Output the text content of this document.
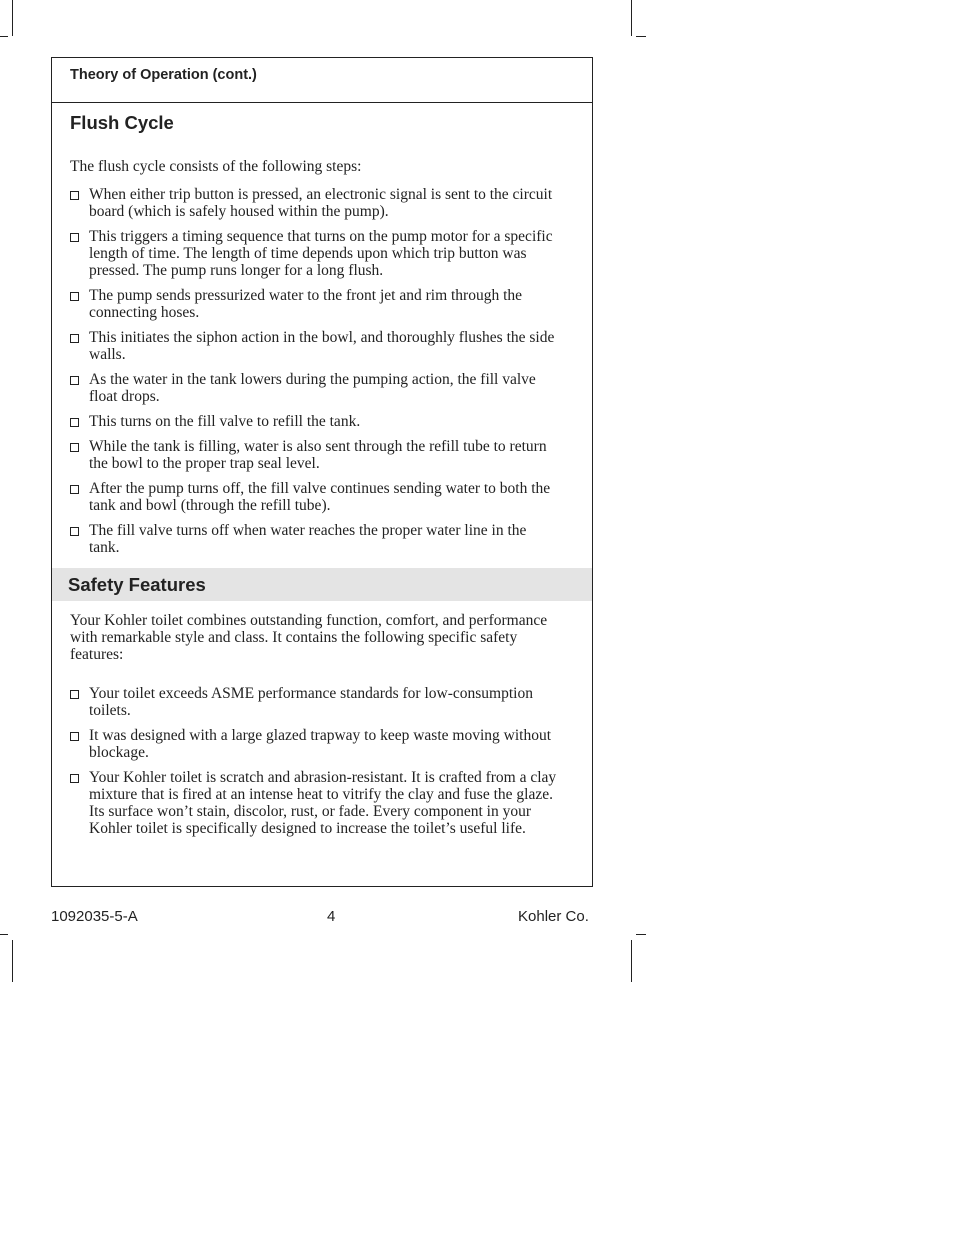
Theory of Operation (cont.)
Flush Cycle

The flush cycle consists of the following steps:

When either trip button is pressed, an electronic signal is sent to the circuit board (which is safely housed within the pump).
This triggers a timing sequence that turns on the pump motor for a specific length of time. The length of time depends upon which trip button was pressed. The pump runs longer for a long flush.
The pump sends pressurized water to the front jet and rim through the connecting hoses.
This initiates the siphon action in the bowl, and thoroughly flushes the side walls.
As the water in the tank lowers during the pumping action, the fill valve float drops.
This turns on the fill valve to refill the tank.
While the tank is filling, water is also sent through the refill tube to return the bowl to the proper trap seal level.
After the pump turns off, the fill valve continues sending water to both the tank and bowl (through the refill tube).
The fill valve turns off when water reaches the proper water line in the tank.
Safety Features

Your Kohler toilet combines outstanding function, comfort, and performance with remarkable style and class. It contains the following specific safety features:

Your toilet exceeds ASME performance standards for low-consumption toilets.
It was designed with a large glazed trapway to keep waste moving without blockage.
Your Kohler toilet is scratch and abrasion-resistant. It is crafted from a clay mixture that is fired at an intense heat to vitrify the clay and fuse the glaze. Its surface won’t stain, discolor, rust, or fade. Every component in your Kohler toilet is specifically designed to increase the toilet’s useful life.
1092035-5-A	4	Kohler Co.
